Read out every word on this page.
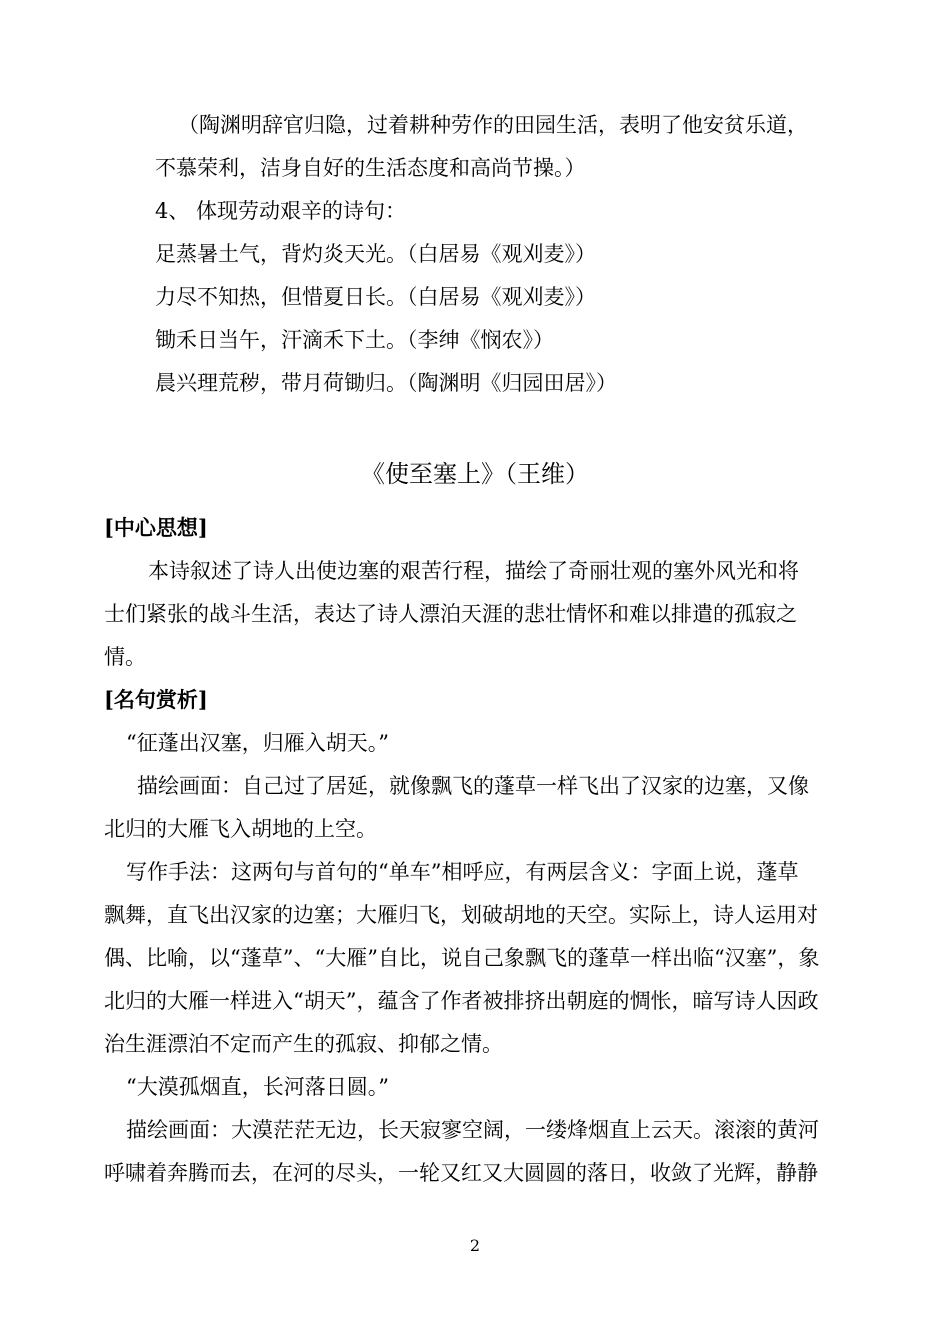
（陶渊明辞官归隐，过着耕种劳作的田园生活，表明了他安贫乐道，
不慕荣利，洁身自好的生活态度和高尚节操。）
4、 体现劳动艰辛的诗句：
足蒸暑土气，背灼炎天光。（白居易《观刈麦》）
力尽不知热，但惜夏日长。（白居易《观刈麦》）
锄禾日当午，汗滴禾下土。（李绅《悯农》）
晨兴理荒秽，带月荷锄归。（陶渊明《归园田居》）
《使至塞上》（王维）
[中心思想]
本诗叙述了诗人出使边塞的艰苦行程，描绘了奇丽壮观的塞外风光和将
士们紧张的战斗生活，表达了诗人漂泊天涯的悲壮情怀和难以排遣的孤寂之
情。
[名句赏析]
“征蓬出汉塞，归雁入胡天。”
描绘画面：自己过了居延，就像飘飞的蓬草一样飞出了汉家的边塞，又像
北归的大雁飞入胡地的上空。
写作手法：这两句与首句的“单车”相呼应，有两层含义：字面上说，蓬草
飘舞，直飞出汉家的边塞；大雁归飞，划破胡地的天空。实际上，诗人运用对
偶、比喻，以“蓬草”、“大雁”自比，说自己象飘飞的蓬草一样出临“汉塞”，象
北归的大雁一样进入“胡天”，蕴含了作者被排挤出朝庭的惆怅，暗写诗人因政
治生涯漂泊不定而产生的孤寂、抑郁之情。
“大漠孤烟直，长河落日圆。”
描绘画面：大漠茫茫无边，长天寂寥空阔，一缕烽烟直上云天。滚滚的黄河
呼啸着奔腾而去，在河的尽头，一轮又红又大圆圆的落日，收敛了光辉，静静
2
